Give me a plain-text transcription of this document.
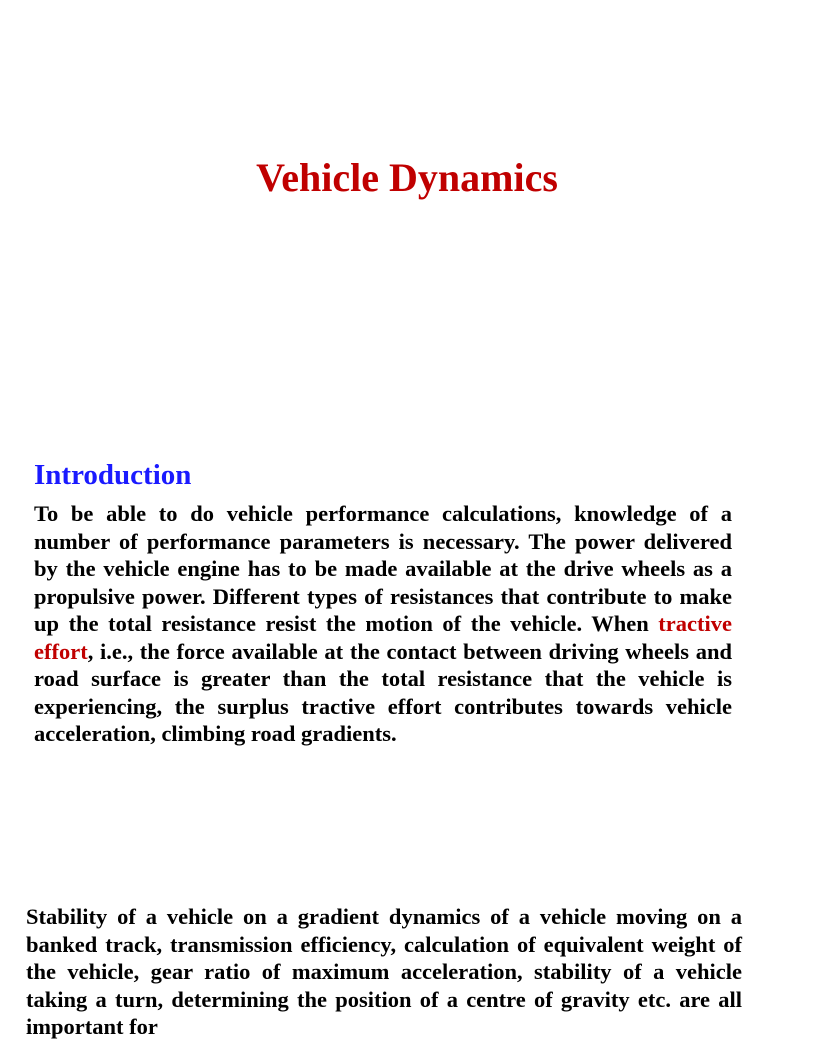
Vehicle Dynamics
Introduction

To be able to do vehicle performance calculations, knowledge of a number of performance parameters is necessary. The power delivered by the vehicle engine has to be made available at the drive wheels as a propulsive power. Different types of resistances that contribute to make up the total resistance resist the motion of the vehicle. When tractive effort, i.e., the force available at the contact between driving wheels and road surface is greater than the total resistance that the vehicle is experiencing, the surplus tractive effort contributes towards vehicle acceleration, climbing road gradients.

Stability of a vehicle on a gradient dynamics of a vehicle moving on a banked track, transmission efficiency, calculation of equivalent weight of the vehicle, gear ratio of maximum acceleration, stability of a vehicle taking a turn, determining the position of a centre of gravity etc. are all important for
